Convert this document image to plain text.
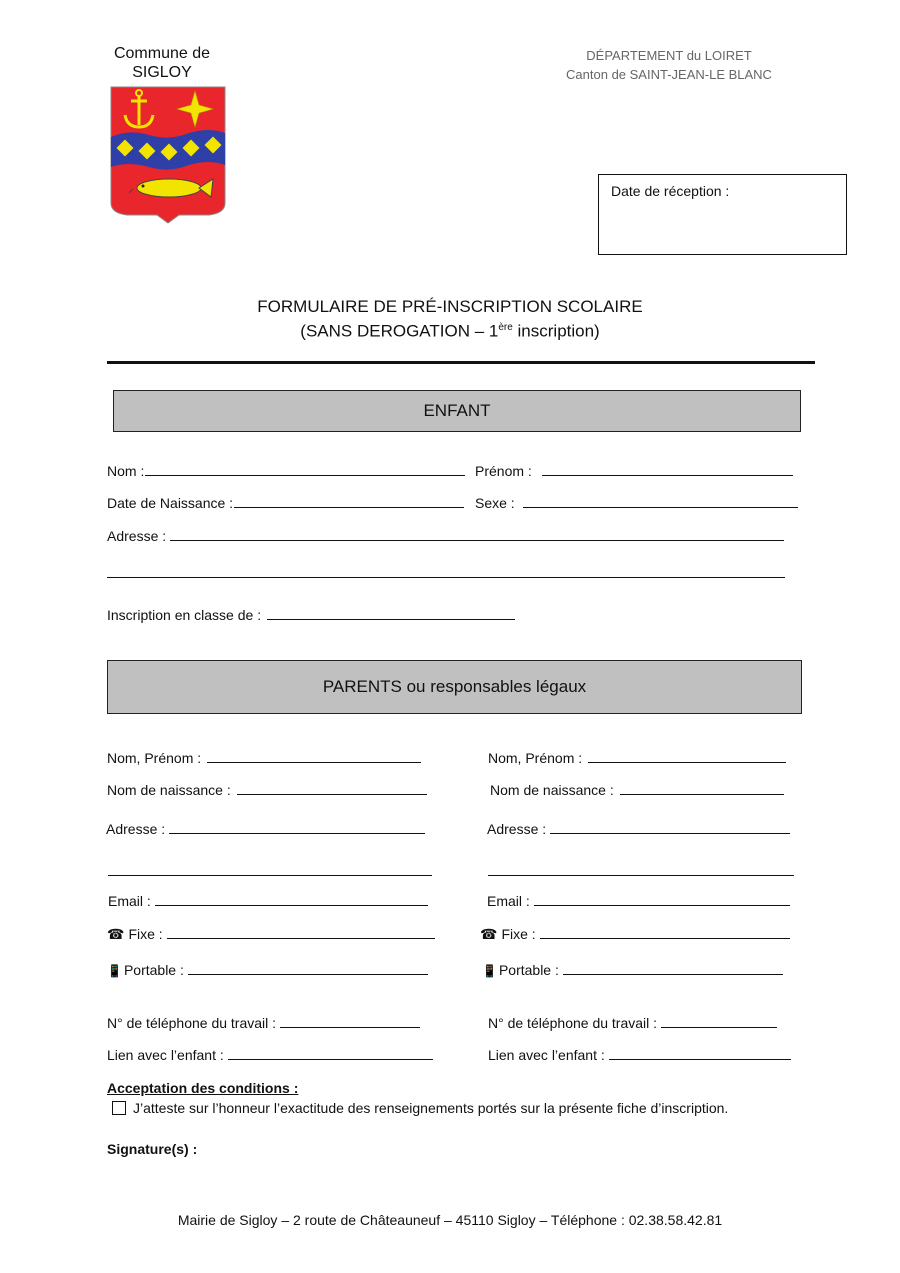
Commune de
SIGLOY
DÉPARTEMENT du LOIRET
Canton de SAINT-JEAN-LE BLANC
Date de réception :
FORMULAIRE DE PRÉ-INSCRIPTION SCOLAIRE
(SANS DEROGATION – 1ère inscription)
ENFANT
Nom :	Prénom :
Date de Naissance :	Sexe :
Adresse :
Inscription en classe de :
PARENTS ou responsables légaux
Nom, Prénom :
Nom de naissance :
Adresse :
Email :
☎ Fixe :
📱 Portable :
N° de téléphone du travail :
Lien avec l’enfant :
Nom, Prénom :
Nom de naissance :
Adresse :
Email :
☎ Fixe :
📱 Portable :
N° de téléphone du travail :
Lien avec l’enfant :
Acceptation des conditions :
J’atteste sur l’honneur l’exactitude des renseignements portés sur la présente fiche d’inscription.
Signature(s) :
Mairie de Sigloy – 2 route de Châteauneuf – 45110 Sigloy – Téléphone : 02.38.58.42.81
